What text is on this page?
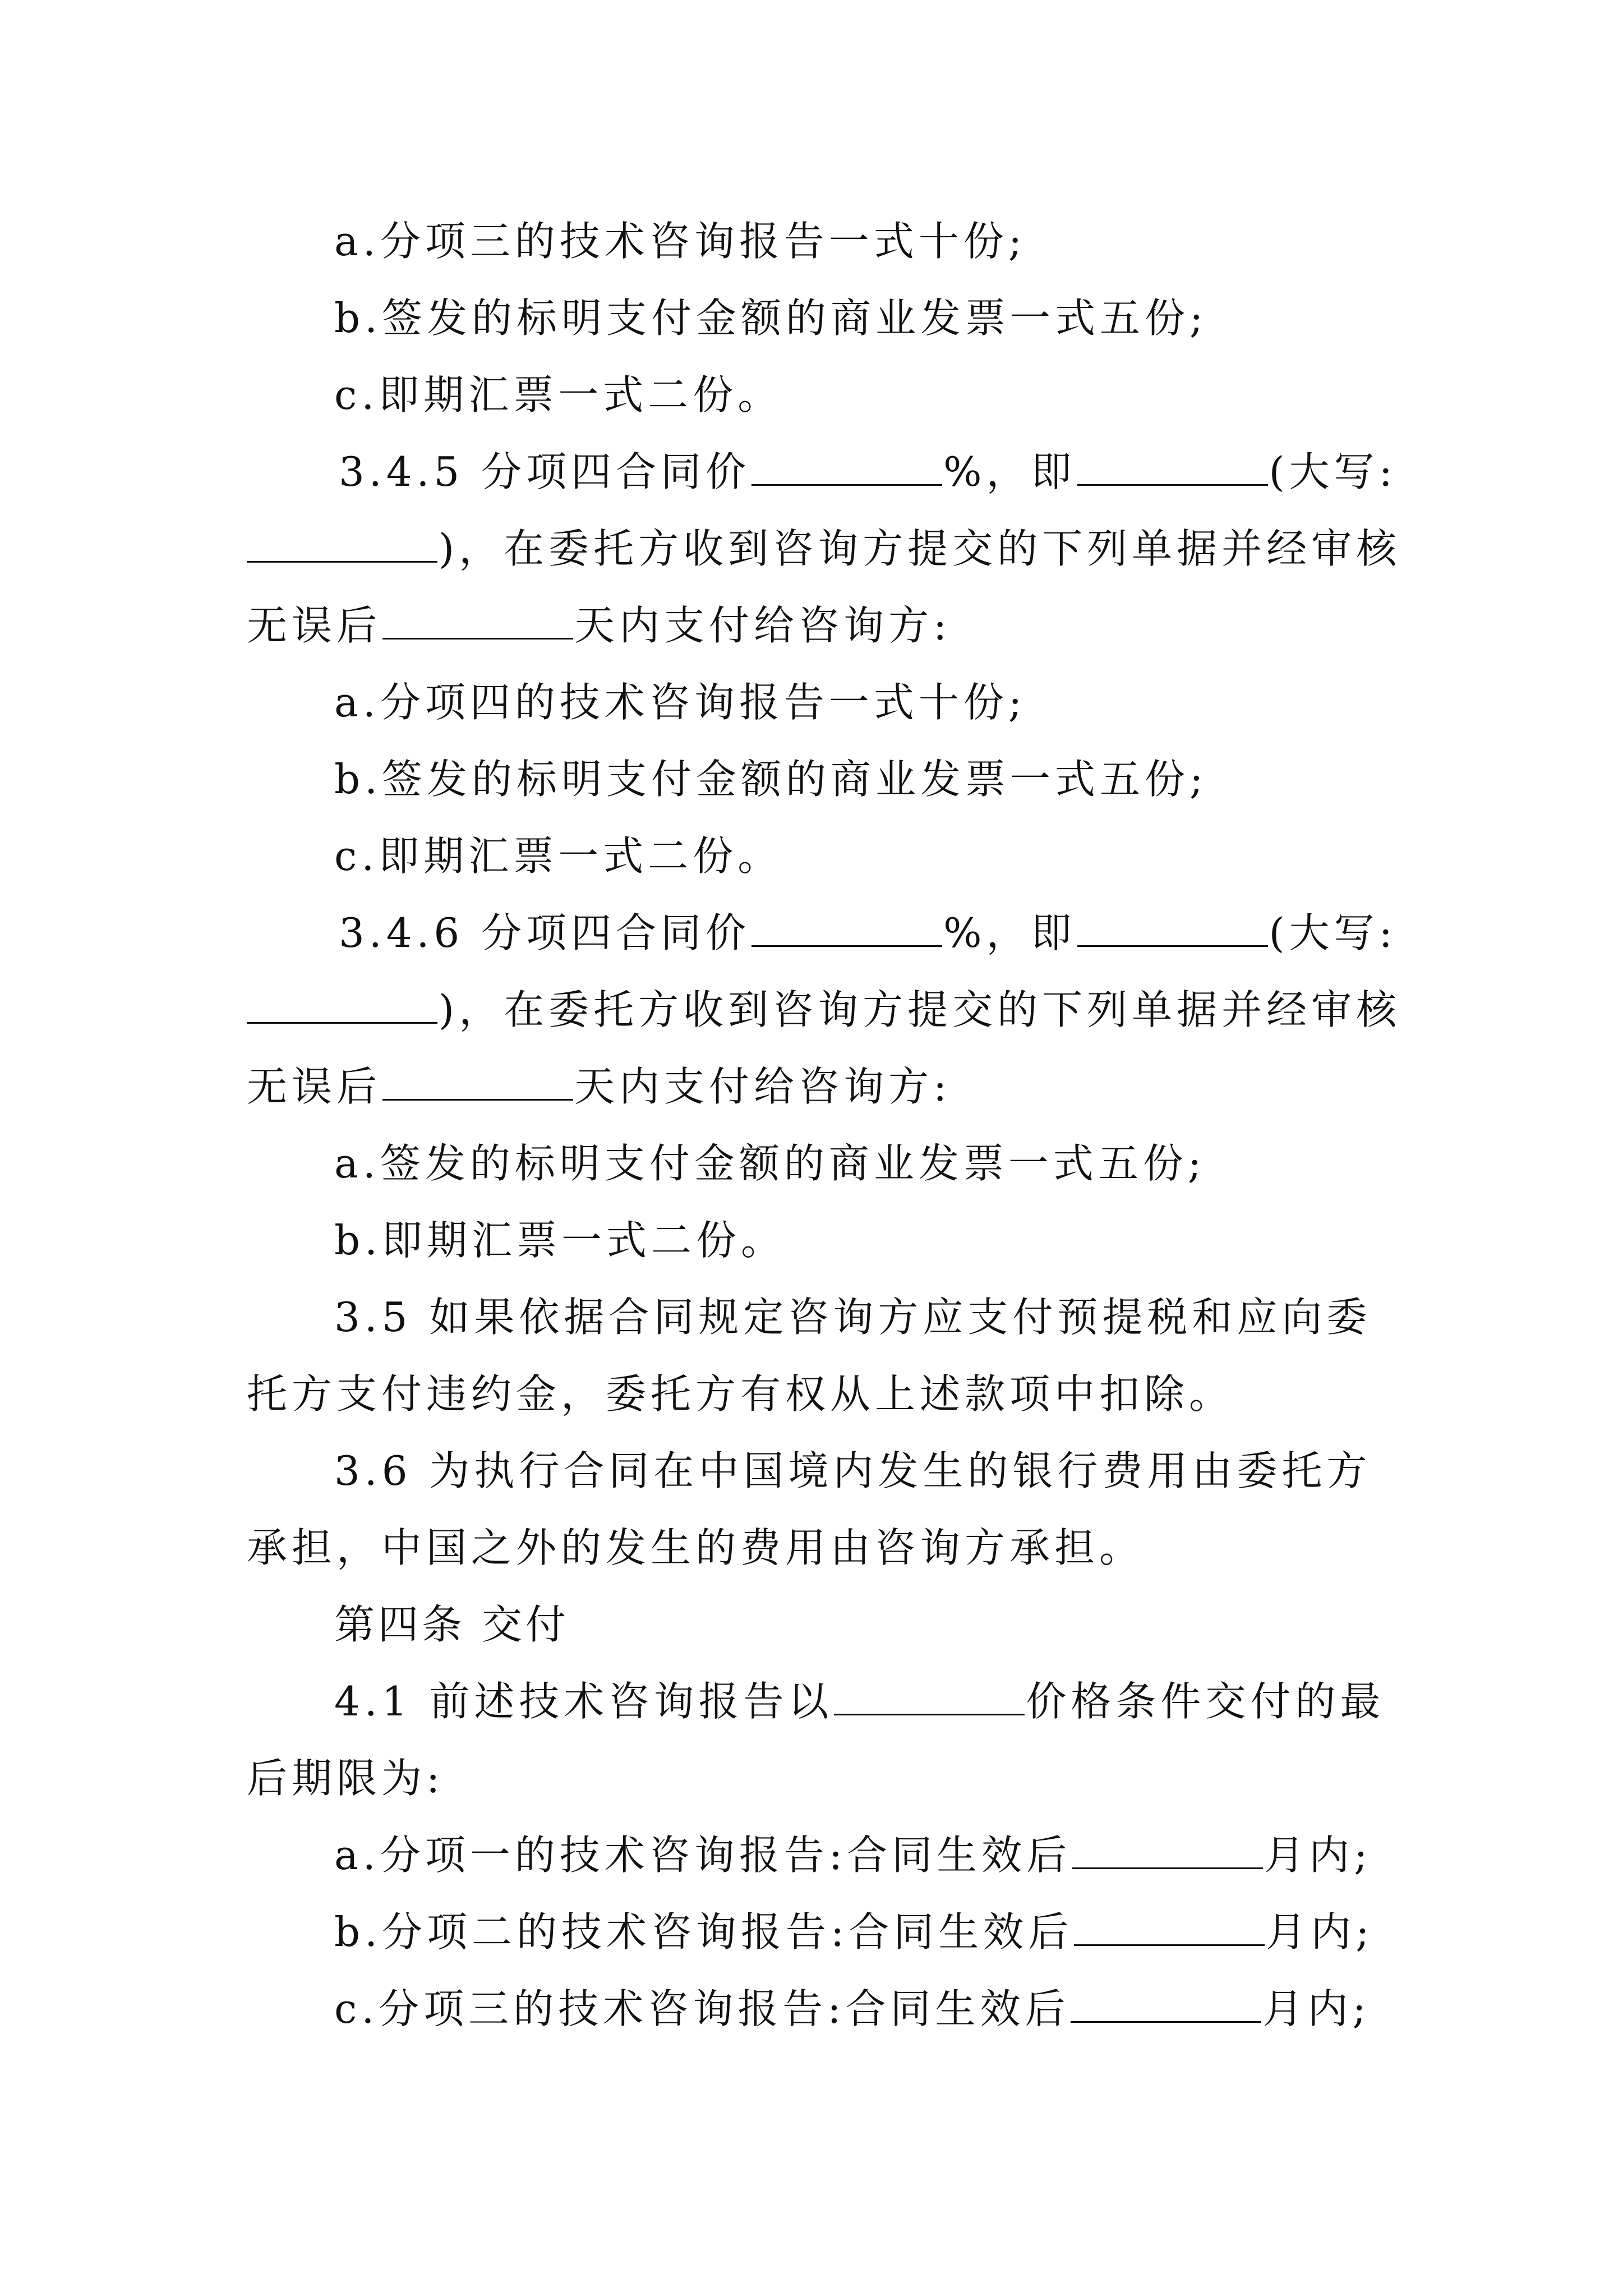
a.分项三的技术咨询报告一式十份;
b.签发的标明支付金额的商业发票一式五份;
c.即期汇票一式二份。
3.4.5 分项四合同价	%，即	(大写:
)，在委托方收到咨询方提交的下列单据并经审核
无误后	天内支付给咨询方:
a.分项四的技术咨询报告一式十份;
b.签发的标明支付金额的商业发票一式五份;
c.即期汇票一式二份。
3.4.6 分项四合同价	%，即	(大写:
)，在委托方收到咨询方提交的下列单据并经审核
无误后	天内支付给咨询方:
a.签发的标明支付金额的商业发票一式五份;
b.即期汇票一式二份。
3.5 如果依据合同规定咨询方应支付预提税和应向委
托方支付违约金，委托方有权从上述款项中扣除。
3.6 为执行合同在中国境内发生的银行费用由委托方
承担，中国之外的发生的费用由咨询方承担。
第四条 交付
4.1 前述技术咨询报告以	价格条件交付的最
后期限为:
a.分项一的技术咨询报告:合同生效后	月内;
b.分项二的技术咨询报告:合同生效后	月内;
c.分项三的技术咨询报告:合同生效后	月内;
